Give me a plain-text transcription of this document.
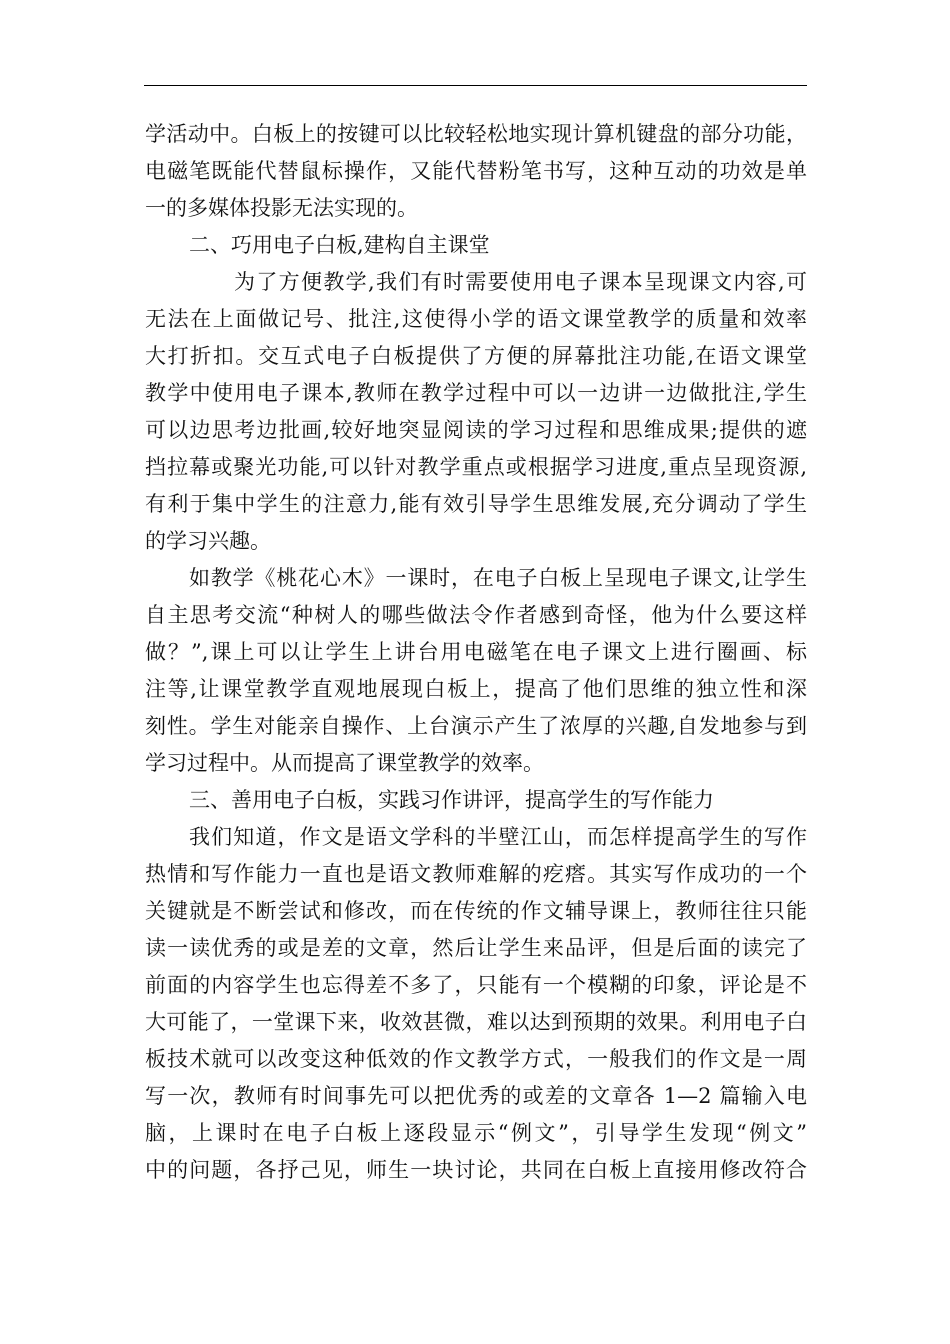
学活动中。白板上的按键可以比较轻松地实现计算机键盘的部分功能，
电磁笔既能代替鼠标操作，又能代替粉笔书写，这种互动的功效是单
一的多媒体投影无法实现的。
二、巧用电子白板,建构自主课堂
为了方便教学,我们有时需要使用电子课本呈现课文内容,可
无法在上面做记号、批注,这使得小学的语文课堂教学的质量和效率
大打折扣。交互式电子白板提供了方便的屏幕批注功能,在语文课堂
教学中使用电子课本,教师在教学过程中可以一边讲一边做批注,学生
可以边思考边批画,较好地突显阅读的学习过程和思维成果;提供的遮
挡拉幕或聚光功能,可以针对教学重点或根据学习进度,重点呈现资源,
有利于集中学生的注意力,能有效引导学生思维发展,充分调动了学生
的学习兴趣。
如教学《桃花心木》一课时，在电子白板上呈现电子课文,让学生
自主思考交流“种树人的哪些做法令作者感到奇怪，他为什么要这样
做？”,课上可以让学生上讲台用电磁笔在电子课文上进行圈画、标
注等,让课堂教学直观地展现白板上，提高了他们思维的独立性和深
刻性。学生对能亲自操作、上台演示产生了浓厚的兴趣,自发地参与到
学习过程中。从而提高了课堂教学的效率。
三、善用电子白板，实践习作讲评，提高学生的写作能力
我们知道，作文是语文学科的半壁江山，而怎样提高学生的写作
热情和写作能力一直也是语文教师难解的疙瘩。其实写作成功的一个
关键就是不断尝试和修改，而在传统的作文辅导课上，教师往往只能
读一读优秀的或是差的文章，然后让学生来品评，但是后面的读完了
前面的内容学生也忘得差不多了，只能有一个模糊的印象，评论是不
大可能了，一堂课下来，收效甚微，难以达到预期的效果。利用电子白
板技术就可以改变这种低效的作文教学方式，一般我们的作文是一周
写一次，教师有时间事先可以把优秀的或差的文章各 1—2 篇输入电
脑，上课时在电子白板上逐段显示“例文”，引导学生发现“例文”
中的问题，各抒己见，师生一块讨论，共同在白板上直接用修改符合
